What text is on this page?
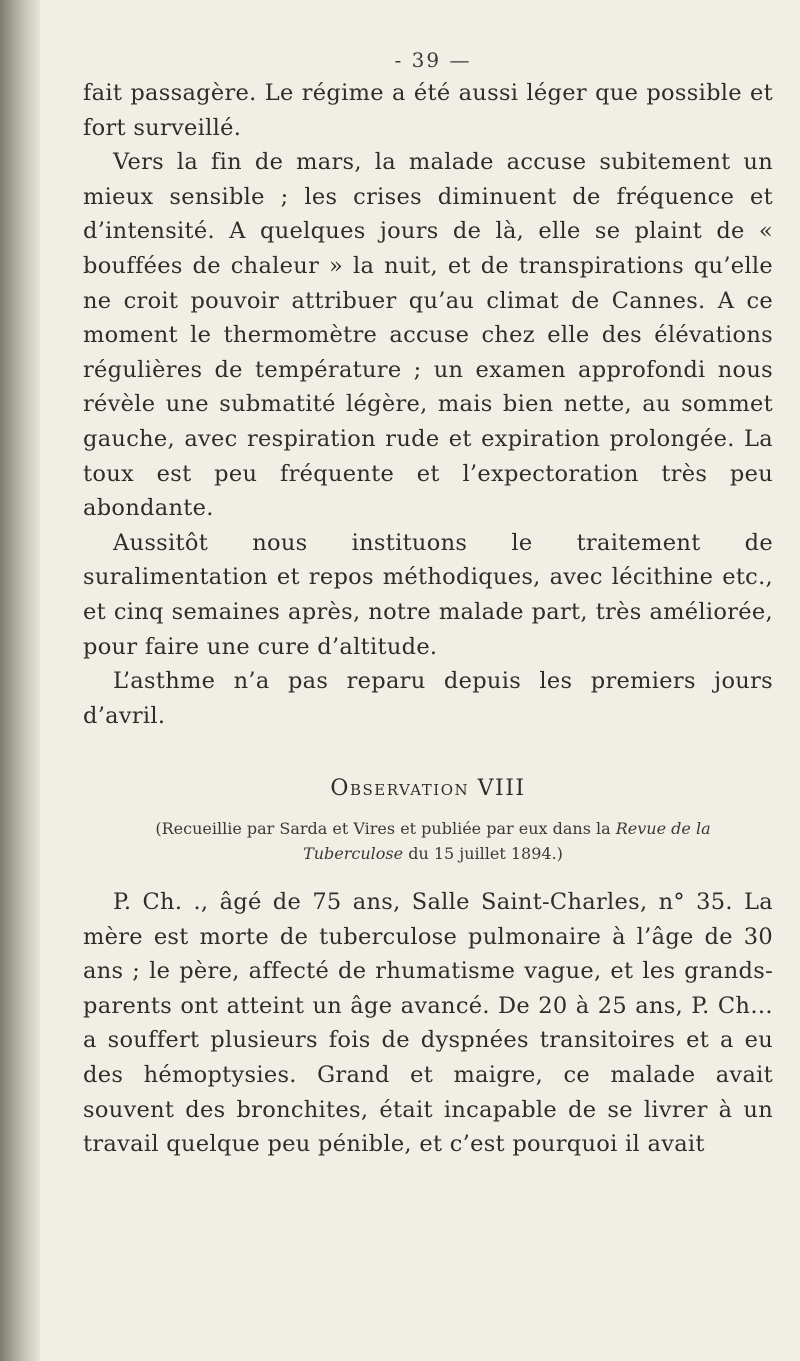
- 39 —

fait passagère. Le régime a été aussi léger que possible et fort surveillé.

Vers la fin de mars, la malade accuse subitement un mieux sensible ; les crises diminuent de fréquence et d’intensité. A quelques jours de là, elle se plaint de « bouffées de chaleur » la nuit, et de transpirations qu’elle ne croit pouvoir attribuer qu’au climat de Cannes. A ce moment le thermomètre accuse chez elle des élévations régulières de température ; un examen approfondi nous révèle une submatité légère, mais bien nette, au sommet gauche, avec respiration rude et expiration prolongée. La toux est peu fréquente et l’expectoration très peu abondante.

Aussitôt nous instituons le traitement de suralimentation et repos méthodiques, avec lécithine etc., et cinq semaines après, notre malade part, très améliorée, pour faire une cure d’altitude.

L’asthme n’a pas reparu depuis les premiers jours d’avril.

Observation VIII
(Recueillie par Sarda et Vires et publiée par eux dans la Revue de la Tuberculose du 15 juillet 1894.)

P. Ch. ., âgé de 75 ans, Salle Saint-Charles, n° 35. La mère est morte de tuberculose pulmonaire à l’âge de 30 ans ; le père, affecté de rhumatisme vague, et les grands-parents ont atteint un âge avancé. De 20 à 25 ans, P. Ch… a souffert plusieurs fois de dyspnées transitoires et a eu des hémoptysies. Grand et maigre, ce malade avait souvent des bronchites, était incapable de se livrer à un travail quelque peu pénible, et c’est pourquoi il avait
